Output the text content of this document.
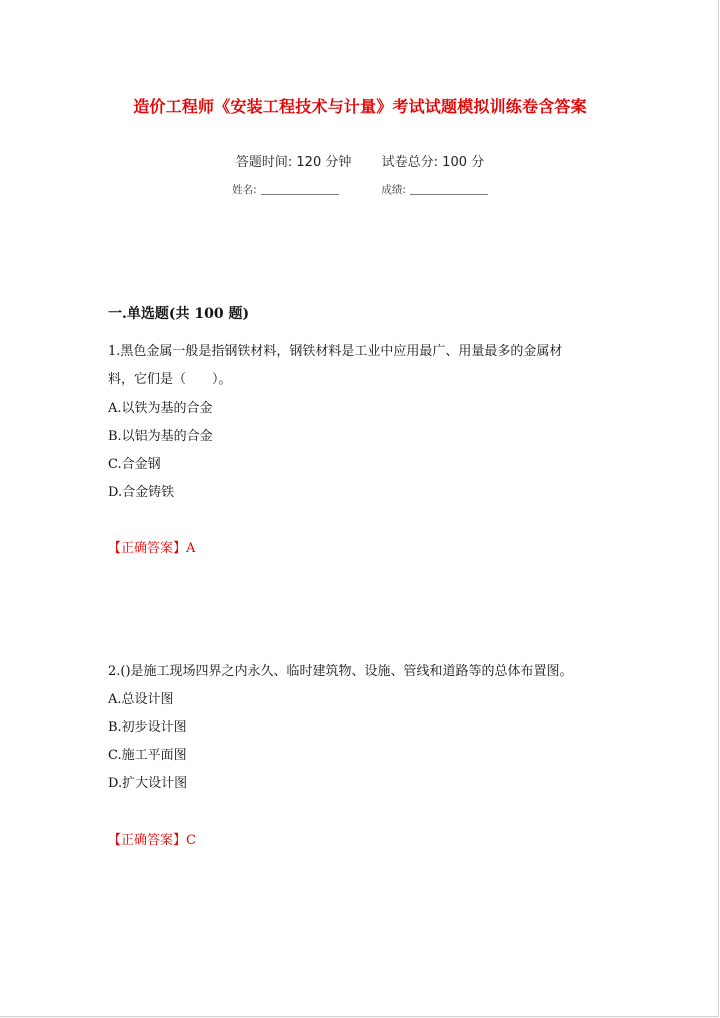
造价工程师《安装工程技术与计量》考试试题模拟训练卷含答案
答题时间: 120 分钟 试卷总分: 100 分
姓名:	成绩:
一.单选题(共 100 题)
1.黑色金属一般是指钢铁材料，钢铁材料是工业中应用最广、用量最多的金属材
料，它们是（　　）。
A.以铁为基的合金
B.以铝为基的合金
C.合金钢
D.合金铸铁
【正确答案】A
2.()是施工现场四界之内永久、临时建筑物、设施、管线和道路等的总体布置图。
A.总设计图
B.初步设计图
C.施工平面图
D.扩大设计图
【正确答案】C
